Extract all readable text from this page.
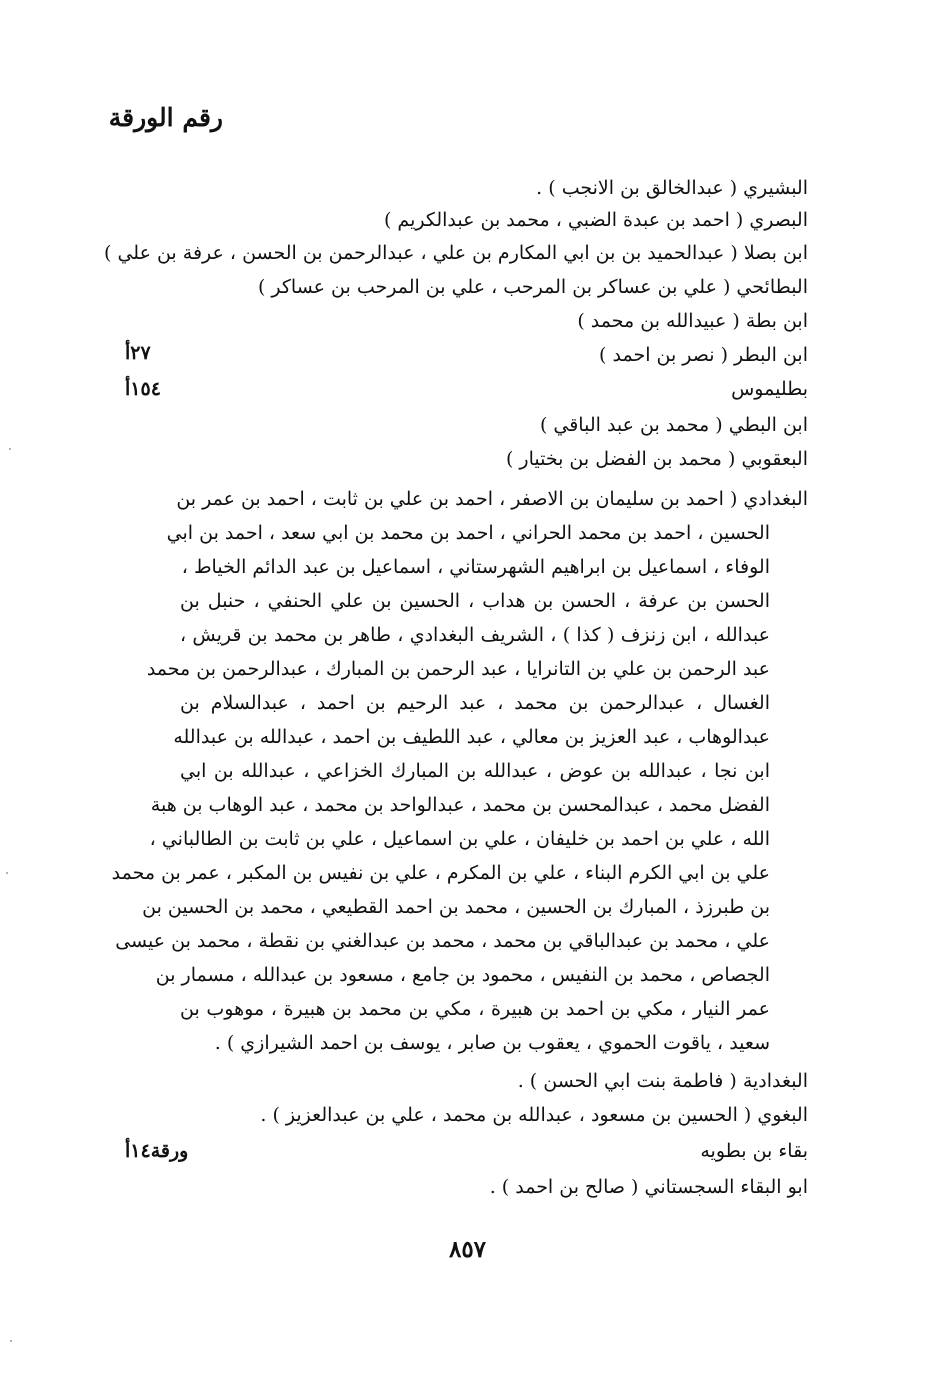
رقم الورقة
البشيري ( عبدالخالق بن الانجب ) .
البصري ( احمد بن عبدة الضبي ، محمد بن عبدالكريم )
ابن بصلا ( عبدالحميد بن بن ابي المكارم بن علي ، عبدالرحمن بن الحسن ، عرفة بن علي )
البطائحي ( علي بن عساكر بن المرحب ، علي بن المرحب بن عساكر )
ابن بطة ( عبيدالله بن محمد )
ابن البطر ( نصر بن احمد )
٢٧أ
بطليموس
١٥٤أ
ابن البطي ( محمد بن عبد الباقي )
البعقوبي ( محمد بن الفضل بن بختيار )
البغدادي ( احمد بن سليمان بن الاصفر ، احمد بن علي بن ثابت ، احمد بن عمر بن
الحسين ، احمد بن محمد الحراني ، احمد بن محمد بن ابي سعد ، احمد بن ابي
الوفاء ، اسماعيل بن ابراهيم الشهرستاني ، اسماعيل بن عبد الدائم الخياط ،
الحسن بن عرفة ، الحسن بن هداب ، الحسين بن علي الحنفي ، حنبل بن
عبدالله ، ابن زنزف ( كذا ) ، الشريف البغدادي ، طاهر بن محمد بن قريش ،
عبد الرحمن بن علي بن التانرايا ، عبد الرحمن بن المبارك ، عبدالرحمن بن محمد
الغسال ، عبدالرحمن بن محمد ، عبد الرحيم بن احمد ، عبدالسلام بن
عبدالوهاب ، عبد العزيز بن معالي ، عبد اللطيف بن احمد ، عبدالله بن عبدالله
ابن نجا ، عبدالله بن عوض ، عبدالله بن المبارك الخزاعي ، عبدالله بن ابي
الفضل محمد ، عبدالمحسن بن محمد ، عبدالواحد بن محمد ، عبد الوهاب بن هبة
الله ، علي بن احمد بن خليفان ، علي بن اسماعيل ، علي بن ثابت بن الطالباني ،
علي بن ابي الكرم البناء ، علي بن المكرم ، علي بن نفيس بن المكبر ، عمر بن محمد
بن طبرزذ ، المبارك بن الحسين ، محمد بن احمد القطيعي ، محمد بن الحسين بن
علي ، محمد بن عبدالباقي بن محمد ، محمد بن عبدالغني بن نقطة ، محمد بن عيسى
الجصاص ، محمد بن النفيس ، محمود بن جامع ، مسعود بن عبدالله ، مسمار بن
عمر النيار ، مكي بن احمد بن هبيرة ، مكي بن محمد بن هبيرة ، موهوب بن
سعيد ، ياقوت الحموي ، يعقوب بن صابر ، يوسف بن احمد الشيرازي ) .
البغدادية ( فاطمة بنت ابي الحسن ) .
البغوي ( الحسين بن مسعود ، عبدالله بن محمد ، علي بن عبدالعزيز ) .
بقاء بن بطويه
ورقة١٤أ
ابو البقاء السجستاني ( صالح بن احمد ) .
٨٥٧
